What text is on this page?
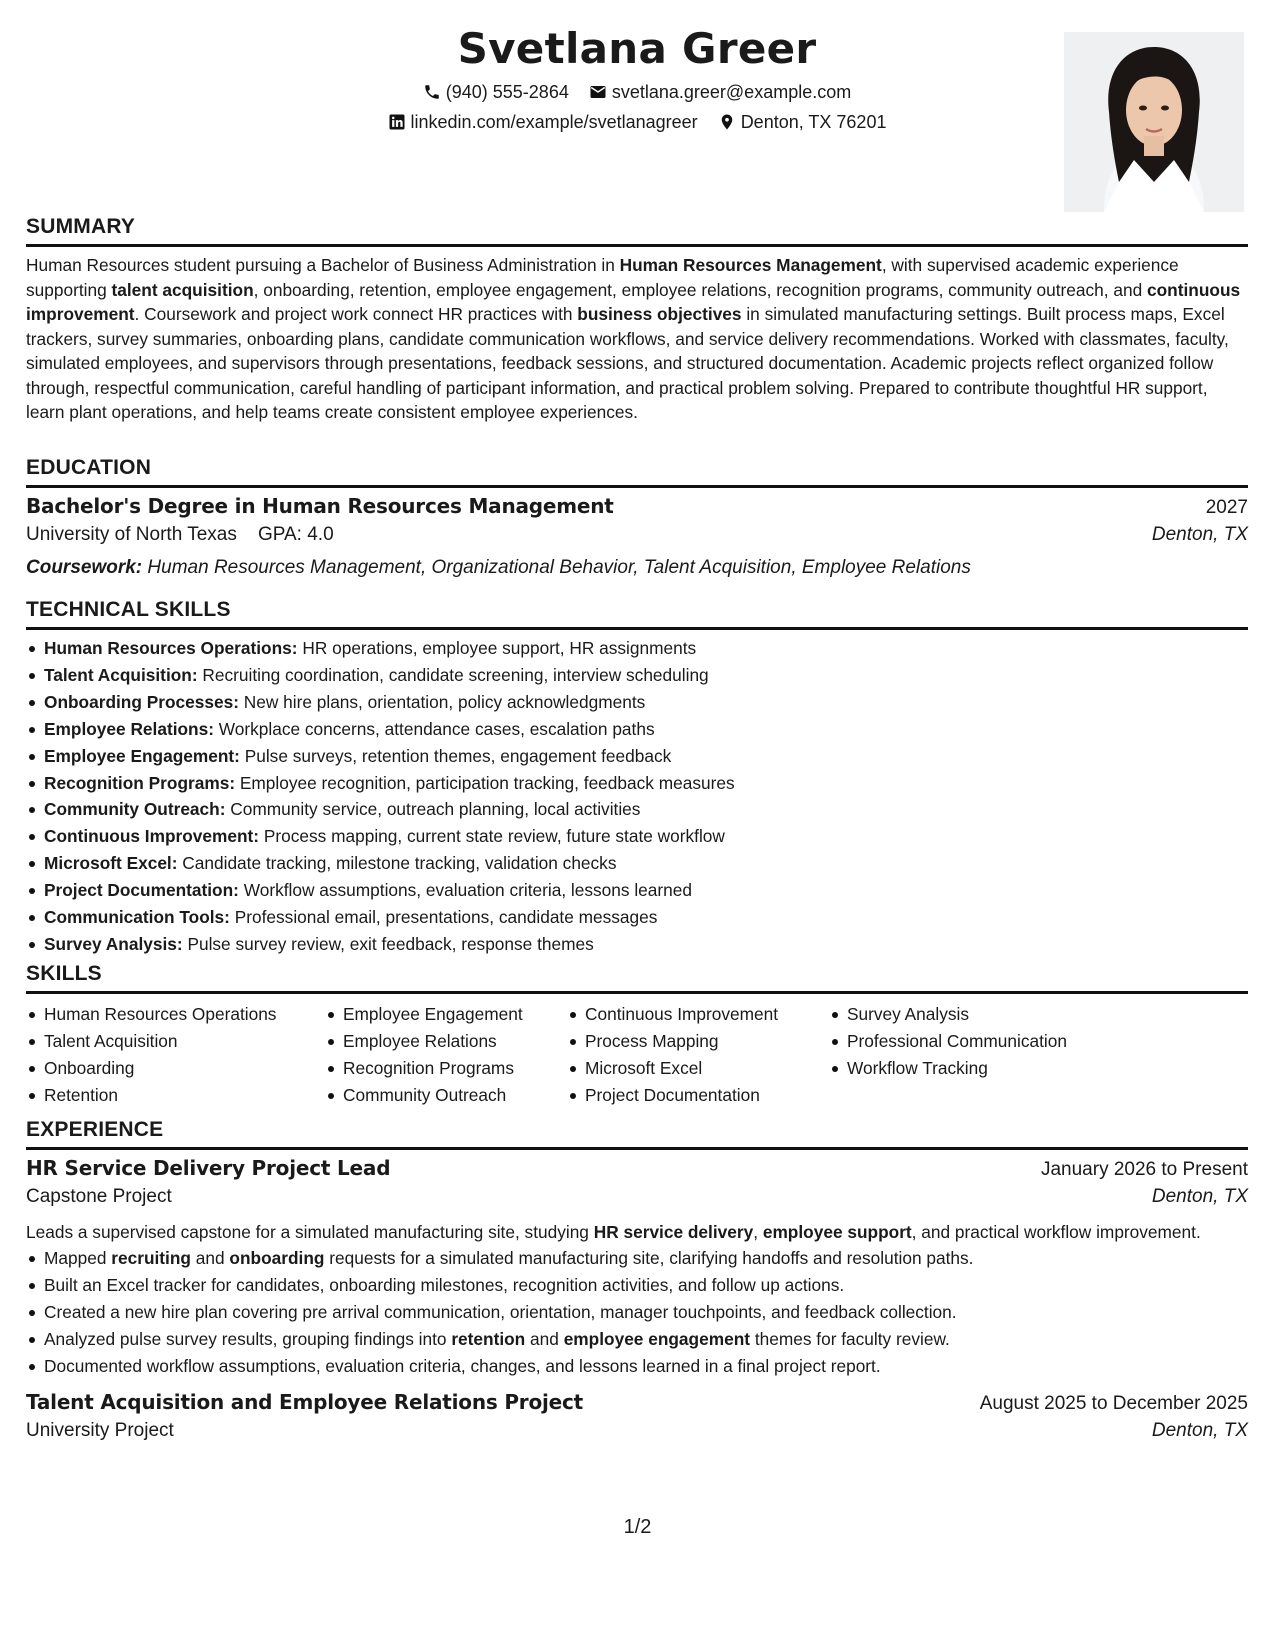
Svetlana Greer
(940) 555-2864 svetlana.greer@example.com
linkedin.com/example/svetlanagreer Denton, TX 76201
SUMMARY

Human Resources student pursuing a Bachelor of Business Administration in Human Resources Management, with supervised academic experience supporting talent acquisition, onboarding, retention, employee engagement, employee relations, recognition programs, community outreach, and continuous improvement. Coursework and project work connect HR practices with business objectives in simulated manufacturing settings. Built process maps, Excel trackers, survey summaries, onboarding plans, candidate communication workflows, and service delivery recommendations. Worked with classmates, faculty, simulated employees, and supervisors through presentations, feedback sessions, and structured documentation. Academic projects reflect organized follow through, respectful communication, careful handling of participant information, and practical problem solving. Prepared to contribute thoughtful HR support, learn plant operations, and help teams create consistent employee experiences.

EDUCATION
Bachelor's Degree in Human Resources Management	2027
University of North Texas GPA: 4.0	Denton, TX
Coursework: Human Resources Management, Organizational Behavior, Talent Acquisition, Employee Relations
TECHNICAL SKILLS
Human Resources Operations: HR operations, employee support, HR assignments
Talent Acquisition: Recruiting coordination, candidate screening, interview scheduling
Onboarding Processes: New hire plans, orientation, policy acknowledgments
Employee Relations: Workplace concerns, attendance cases, escalation paths
Employee Engagement: Pulse surveys, retention themes, engagement feedback
Recognition Programs: Employee recognition, participation tracking, feedback measures
Community Outreach: Community service, outreach planning, local activities
Continuous Improvement: Process mapping, current state review, future state workflow
Microsoft Excel: Candidate tracking, milestone tracking, validation checks
Project Documentation: Workflow assumptions, evaluation criteria, lessons learned
Communication Tools: Professional email, presentations, candidate messages
Survey Analysis: Pulse survey review, exit feedback, response themes
SKILLS
Human Resources Operations
Talent Acquisition
Onboarding
Retention
Employee Engagement
Employee Relations
Recognition Programs
Community Outreach
Continuous Improvement
Process Mapping
Microsoft Excel
Project Documentation
Survey Analysis
Professional Communication
Workflow Tracking
EXPERIENCE
HR Service Delivery Project Lead	January 2026 to Present
Capstone Project	Denton, TX

Leads a supervised capstone for a simulated manufacturing site, studying HR service delivery, employee support, and practical workflow improvement.

Mapped recruiting and onboarding requests for a simulated manufacturing site, clarifying handoffs and resolution paths.
Built an Excel tracker for candidates, onboarding milestones, recognition activities, and follow up actions.
Created a new hire plan covering pre arrival communication, orientation, manager touchpoints, and feedback collection.
Analyzed pulse survey results, grouping findings into retention and employee engagement themes for faculty review.
Documented workflow assumptions, evaluation criteria, changes, and lessons learned in a final project report.
Talent Acquisition and Employee Relations Project	August 2025 to December 2025
University Project	Denton, TX
1/2
